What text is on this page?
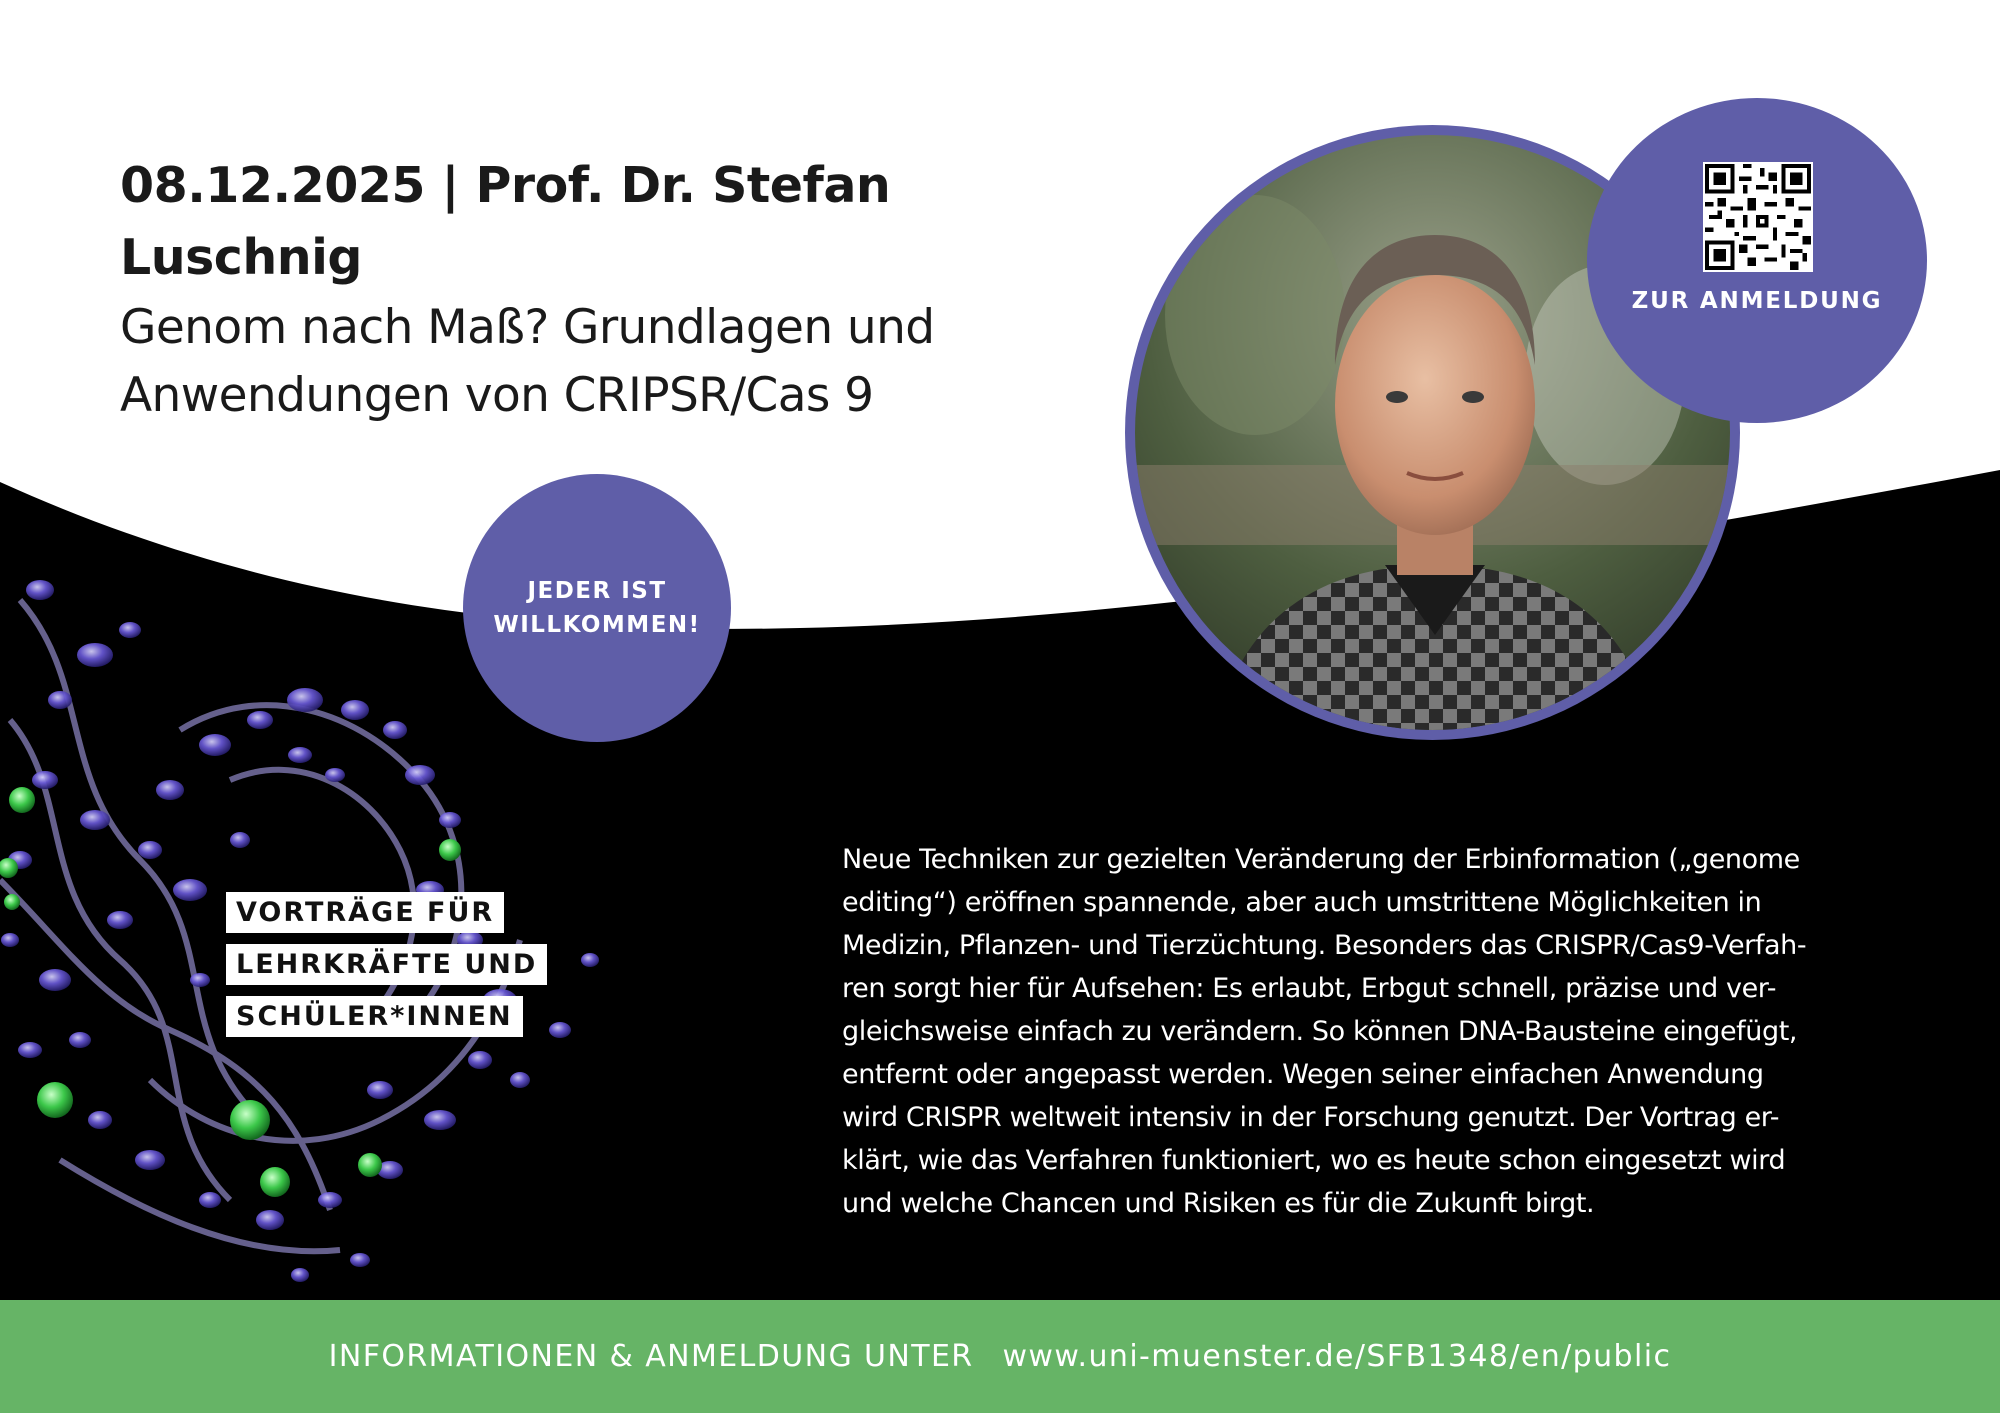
08.12.2025 | Prof. Dr. Stefan Luschnig

Genom nach Maß? Grundlagen und
Anwendungen von CRIPSR/Cas 9

VORTRÄGE FÜR
LEHRKRÄFTE UND
SCHÜLER*INNEN
JEDER IST
WILLKOMMEN!
ZUR ANMELDUNG
Neue Techniken zur gezielten Veränderung der Erbinformation („genome
editing“) eröffnen spannende, aber auch umstrittene Möglichkeiten in
Medizin, Pflanzen- und Tierzüchtung. Besonders das CRISPR/Cas9-Verfah-
ren sorgt hier für Aufsehen: Es erlaubt, Erbgut schnell, präzise und ver-
gleichsweise einfach zu verändern. So können DNA-Bausteine eingefügt,
entfernt oder angepasst werden. Wegen seiner einfachen Anwendung
wird CRISPR weltweit intensiv in der Forschung genutzt. Der Vortrag er-
klärt, wie das Verfahren funktioniert, wo es heute schon eingesetzt wird
und welche Chancen und Risiken es für die Zukunft birgt.
INFORMATIONEN & ANMELDUNG UNTER www.uni-muenster.de/SFB1348/en/public
